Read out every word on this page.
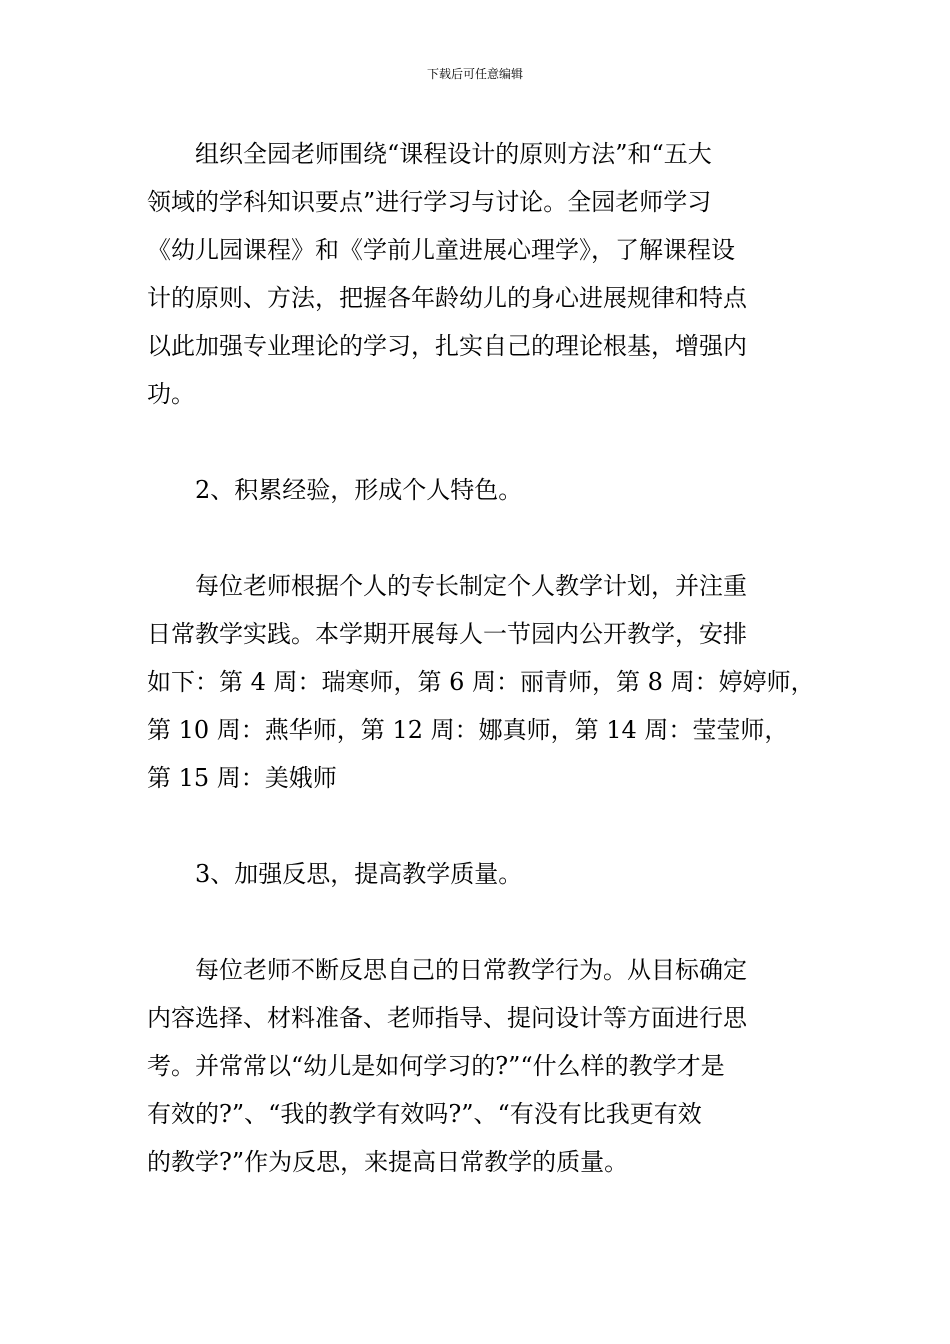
下载后可任意编辑

　　组织全园老师围绕“课程设计的原则方法”和“五大
领域的学科知识要点”进行学习与讨论。全园老师学习
《幼儿园课程》和《学前儿童进展心理学》，了解课程设
计的原则、方法，把握各年龄幼儿的身心进展规律和特点
以此加强专业理论的学习，扎实自己的理论根基，增强内
功。

　　2、积累经验，形成个人特色。

　　每位老师根据个人的专长制定个人教学计划，并注重
日常教学实践。本学期开展每人一节园内公开教学，安排
如下：第 4 周：瑞寒师，第 6 周：丽青师，第 8 周：婷婷师，
第 10 周：燕华师，第 12 周：娜真师，第 14 周：莹莹师，
第 15 周：美娥师

　　3、加强反思，提高教学质量。

　　每位老师不断反思自己的日常教学行为。从目标确定
内容选择、材料准备、老师指导、提问设计等方面进行思
考。并常常以“幼儿是如何学习的?”“什么样的教学才是
有效的?”、“我的教学有效吗?”、“有没有比我更有效
的教学?”作为反思，来提高日常教学的质量。
